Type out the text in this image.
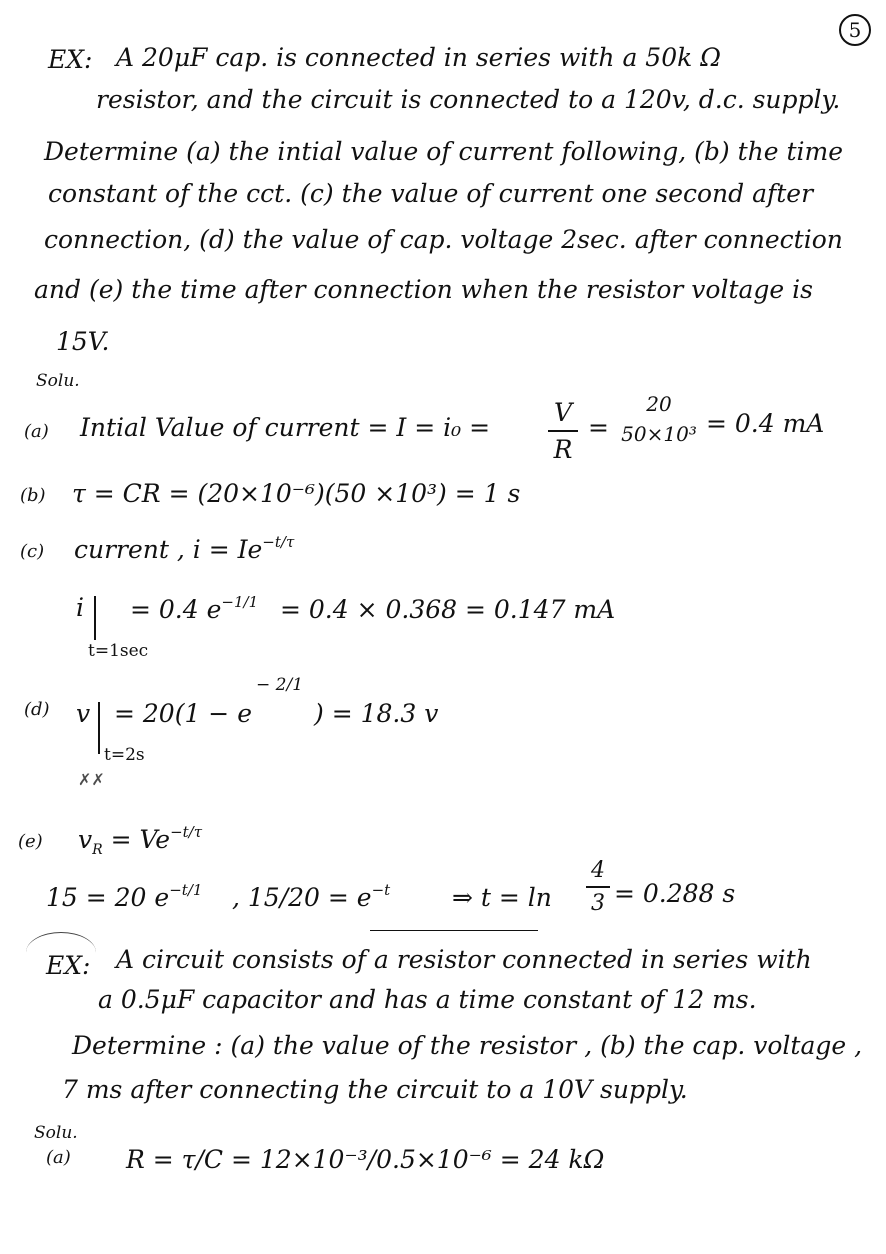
5
EX: A 20μF cap. is connected in series with a 50k Ω
resistor, and the circuit is connected to a 120v, d.c. supply.
Determine (a) the intial value of current following, (b) the time
constant of the cct. (c) the value of current one second after
connection, (d) the value of cap. voltage 2sec. after connection
and (e) the time after connection when the resistor voltage is
15V.
Solu.
(a) Intial Value of current = I = i₀ =
V
R
=
20
50×10³ = 0.4 mA
(b) τ = CR = (20×10⁻⁶)(50 ×10³) = 1 s
(c) current , $i = Ie^{-t/\tau}$
i = 0.4 $e^{-1/1} = 0.4 \times 0.368 = 0.147$ mA
t=1sec
(d) v = 20(1 − e
− 2/1
) = 18.3 v
t=2s
✗✗
(e) $v_R = Ve^{-t/\tau}$
15 = 20 $e^{-t/1}$ , $15/20 = e^{-t}$ ⇒ t = ln
4
3 = 0.288 s
EX: A circuit consists of a resistor connected in series with
a 0.5μF capacitor and has a time constant of 12 ms.
Determine : (a) the value of the resistor , (b) the cap. voltage ,
7 ms after connecting the circuit to a 10V supply.
Solu.
(a) R = τ/C = 12×10⁻³/0.5×10⁻⁶ = 24 kΩ
